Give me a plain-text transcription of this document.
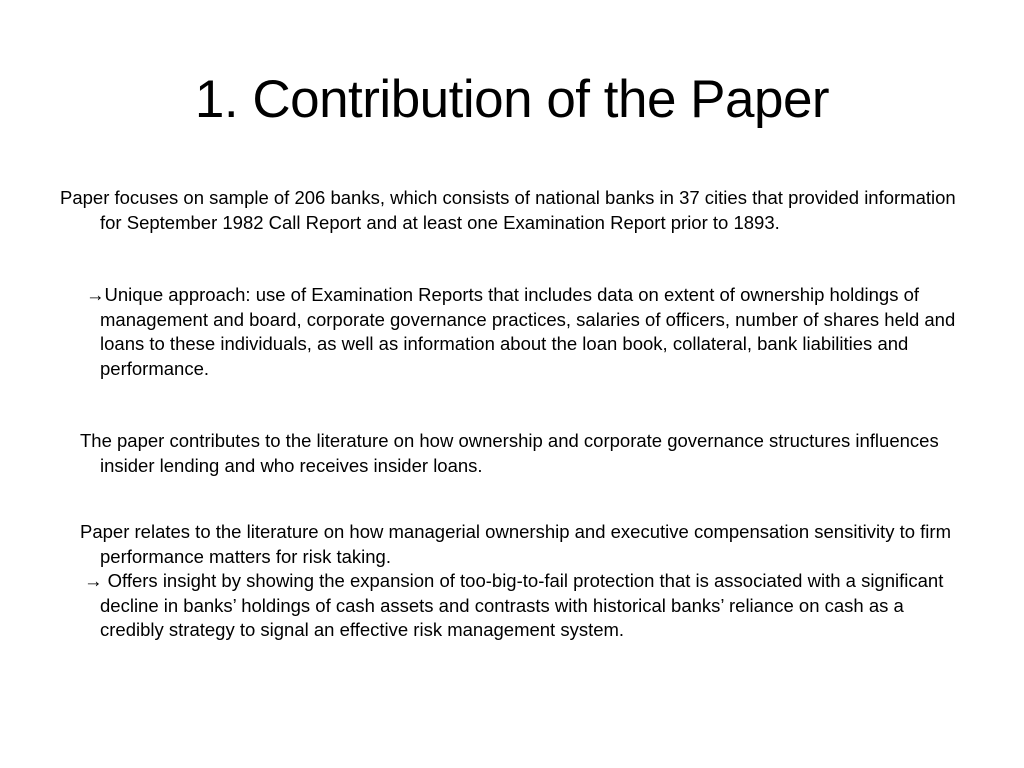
1. Contribution of the Paper

Paper focuses on sample of 206 banks, which consists of national banks in 37 cities that provided information for September 1982 Call Report and at least one Examination Report prior to 1893.

→Unique approach: use of Examination Reports that includes data on extent of ownership holdings of management and board, corporate governance practices, salaries of officers, number of shares held and loans to these individuals, as well as information about the loan book, collateral, bank liabilities and performance.

The paper contributes to the literature on how ownership and corporate governance structures influences insider lending and who receives insider loans.

Paper relates to the literature on how managerial ownership and executive compensation sensitivity to firm performance matters for risk taking.

→ Offers insight by showing the expansion of too-big-to-fail protection that is associated with a significant decline in banks’ holdings of cash assets and contrasts with historical banks’ reliance on cash as a credibly strategy to signal an effective risk management system.
